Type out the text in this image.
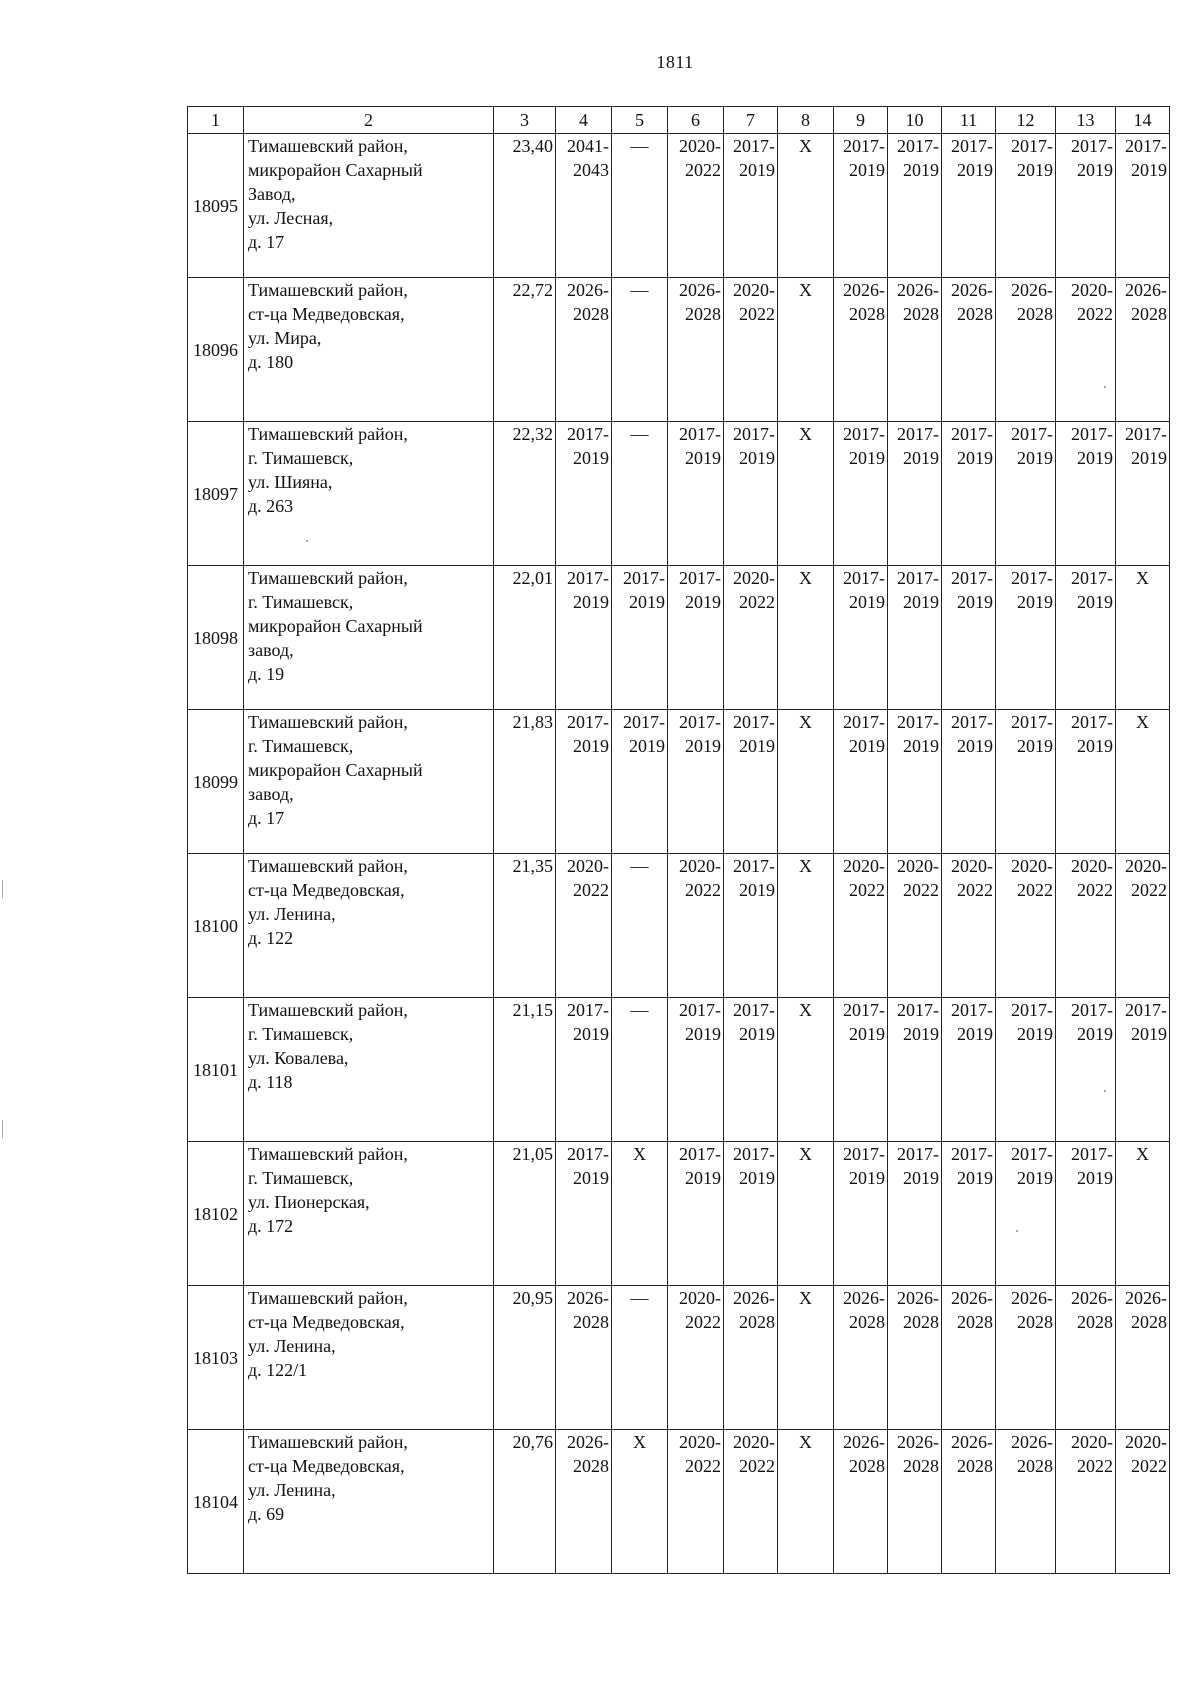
1811
1	2	3	4	5	6	7	8	9	10	11	12	13	14
18095	Тимашевский район,
микрорайон Сахарный
Завод,
ул. Лесная,
д. 17	23,40	2041-
2043	—	2020-
2022	2017-
2019	Х	2017-
2019	2017-
2019	2017-
2019	2017-
2019	2017-
2019	2017-
2019

18096	Тимашевский район,
ст-ца Медведовская,
ул. Мира,
д. 180	22,72	2026-
2028	—	2026-
2028	2020-
2022	Х	2026-
2028	2026-
2028	2026-
2028	2026-
2028	2020-
2022	2026-
2028

18097	Тимашевский район,
г. Тимашевск,
ул. Шияна,
д. 263	22,32	2017-
2019	—	2017-
2019	2017-
2019	Х	2017-
2019	2017-
2019	2017-
2019	2017-
2019	2017-
2019	2017-
2019

18098	Тимашевский район,
г. Тимашевск,
микрорайон Сахарный
завод,
д. 19	22,01	2017-
2019	2017-
2019	2017-
2019	2020-
2022	Х	2017-
2019	2017-
2019	2017-
2019	2017-
2019	2017-
2019	Х

18099	Тимашевский район,
г. Тимашевск,
микрорайон Сахарный
завод,
д. 17	21,83	2017-
2019	2017-
2019	2017-
2019	2017-
2019	Х	2017-
2019	2017-
2019	2017-
2019	2017-
2019	2017-
2019	Х

18100	Тимашевский район,
ст-ца Медведовская,
ул. Ленина,
д. 122	21,35	2020-
2022	—	2020-
2022	2017-
2019	Х	2020-
2022	2020-
2022	2020-
2022	2020-
2022	2020-
2022	2020-
2022

18101	Тимашевский район,
г. Тимашевск,
ул. Ковалева,
д. 118	21,15	2017-
2019	—	2017-
2019	2017-
2019	Х	2017-
2019	2017-
2019	2017-
2019	2017-
2019	2017-
2019	2017-
2019

18102	Тимашевский район,
г. Тимашевск,
ул. Пионерская,
д. 172	21,05	2017-
2019	Х	2017-
2019	2017-
2019	Х	2017-
2019	2017-
2019	2017-
2019	2017-
2019	2017-
2019	Х

18103	Тимашевский район,
ст-ца Медведовская,
ул. Ленина,
д. 122/1	20,95	2026-
2028	—	2020-
2022	2026-
2028	Х	2026-
2028	2026-
2028	2026-
2028	2026-
2028	2026-
2028	2026-
2028

18104	Тимашевский район,
ст-ца Медведовская,
ул. Ленина,
д. 69	20,76	2026-
2028	Х	2020-
2022	2020-
2022	Х	2026-
2028	2026-
2028	2026-
2028	2026-
2028	2020-
2022	2020-
2022
